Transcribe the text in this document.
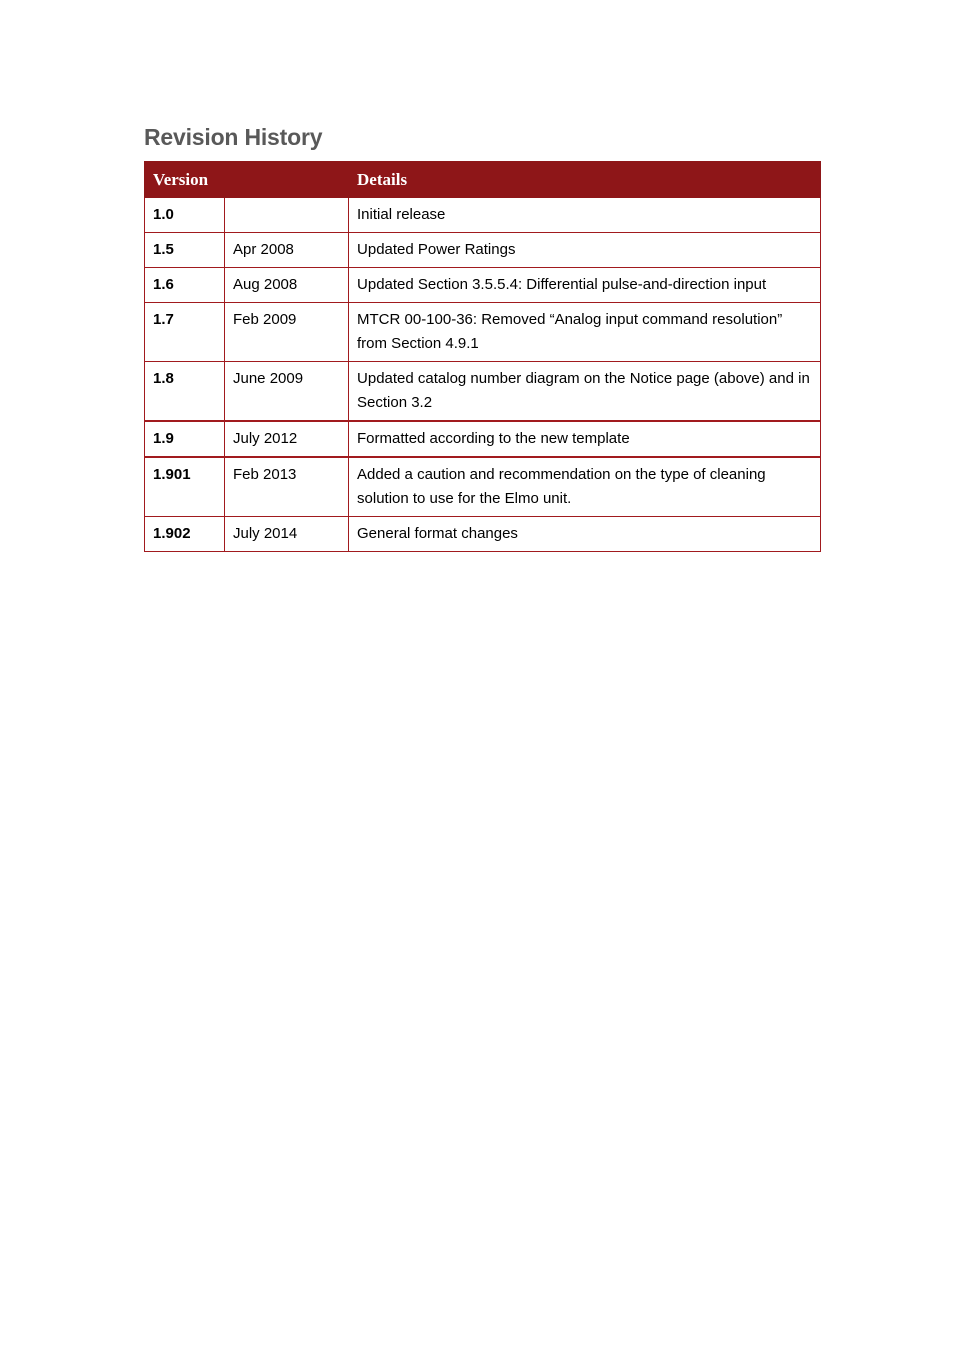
Revision History
Version		Details
1.0		Initial release
1.5	Apr 2008	Updated Power Ratings
1.6	Aug 2008	Updated Section 3.5.5.4: Differential pulse-and-direction input
1.7	Feb 2009	MTCR 00-100-36: Removed “Analog input command resolution” from Section 4.9.1
1.8	June 2009	Updated catalog number diagram on the Notice page (above) and in Section 3.2
1.9	July 2012	Formatted according to the new template
1.901	Feb 2013	Added a caution and recommendation on the type of cleaning solution to use for the Elmo unit.
1.902	July 2014	General format changes
